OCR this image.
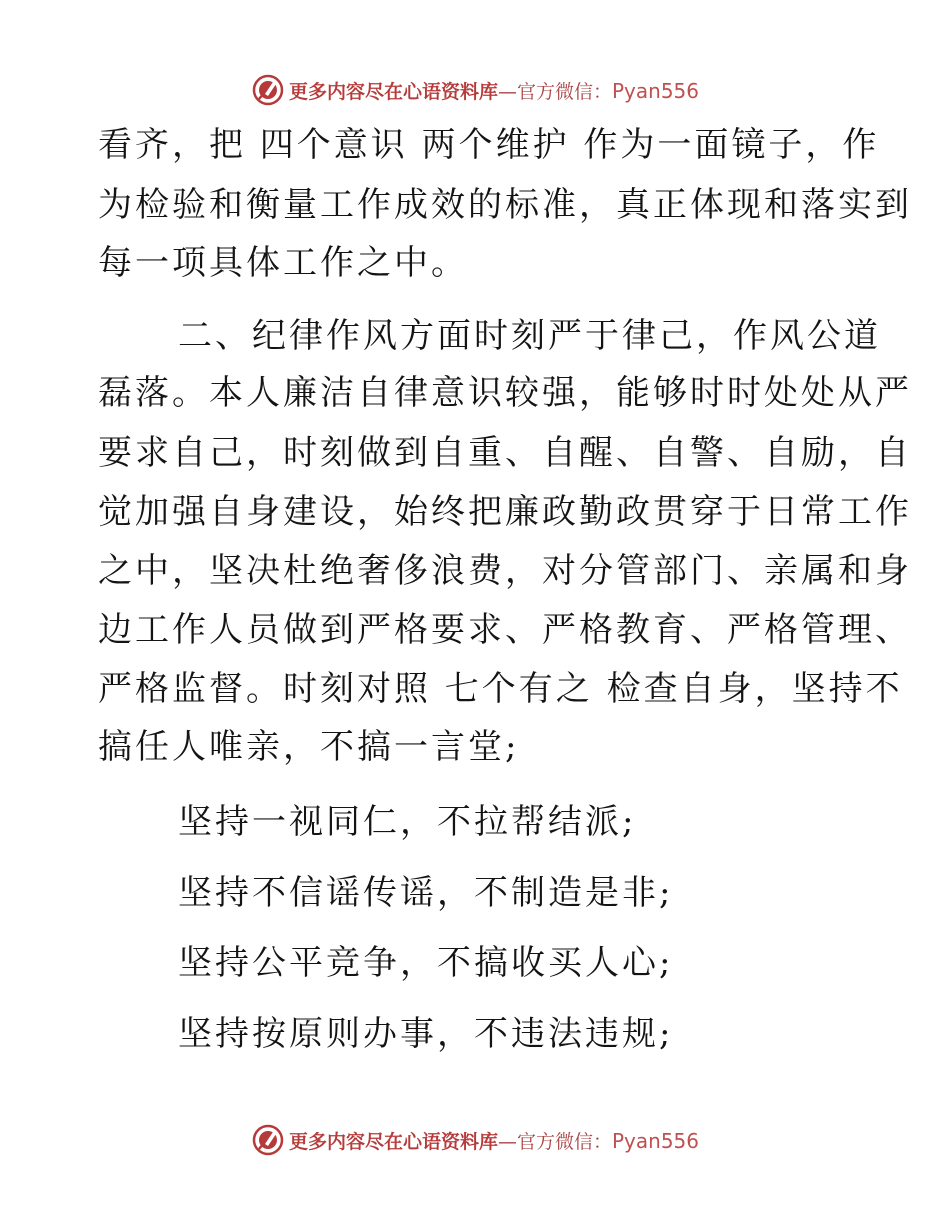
更多内容尽在心语资料库 —官方微信： Pyan556
看齐，把 四个意识 两个维护 作为一面镜子，作
为检验和衡量工作成效的标准，真正体现和落实到
每一项具体工作之中。
二、纪律作风方面时刻严于律己，作风公道
磊落。本人廉洁自律意识较强，能够时时处处从严
要求自己，时刻做到自重、自醒、自警、自励，自
觉加强自身建设，始终把廉政勤政贯穿于日常工作
之中，坚决杜绝奢侈浪费，对分管部门、亲属和身
边工作人员做到严格要求、严格教育、严格管理、
严格监督。时刻对照 七个有之 检查自身，坚持不
搞任人唯亲，不搞一言堂;
坚持一视同仁，不拉帮结派;
坚持不信谣传谣，不制造是非;
坚持公平竞争，不搞收买人心;
坚持按原则办事，不违法违规;
更多内容尽在心语资料库 —官方微信： Pyan556
